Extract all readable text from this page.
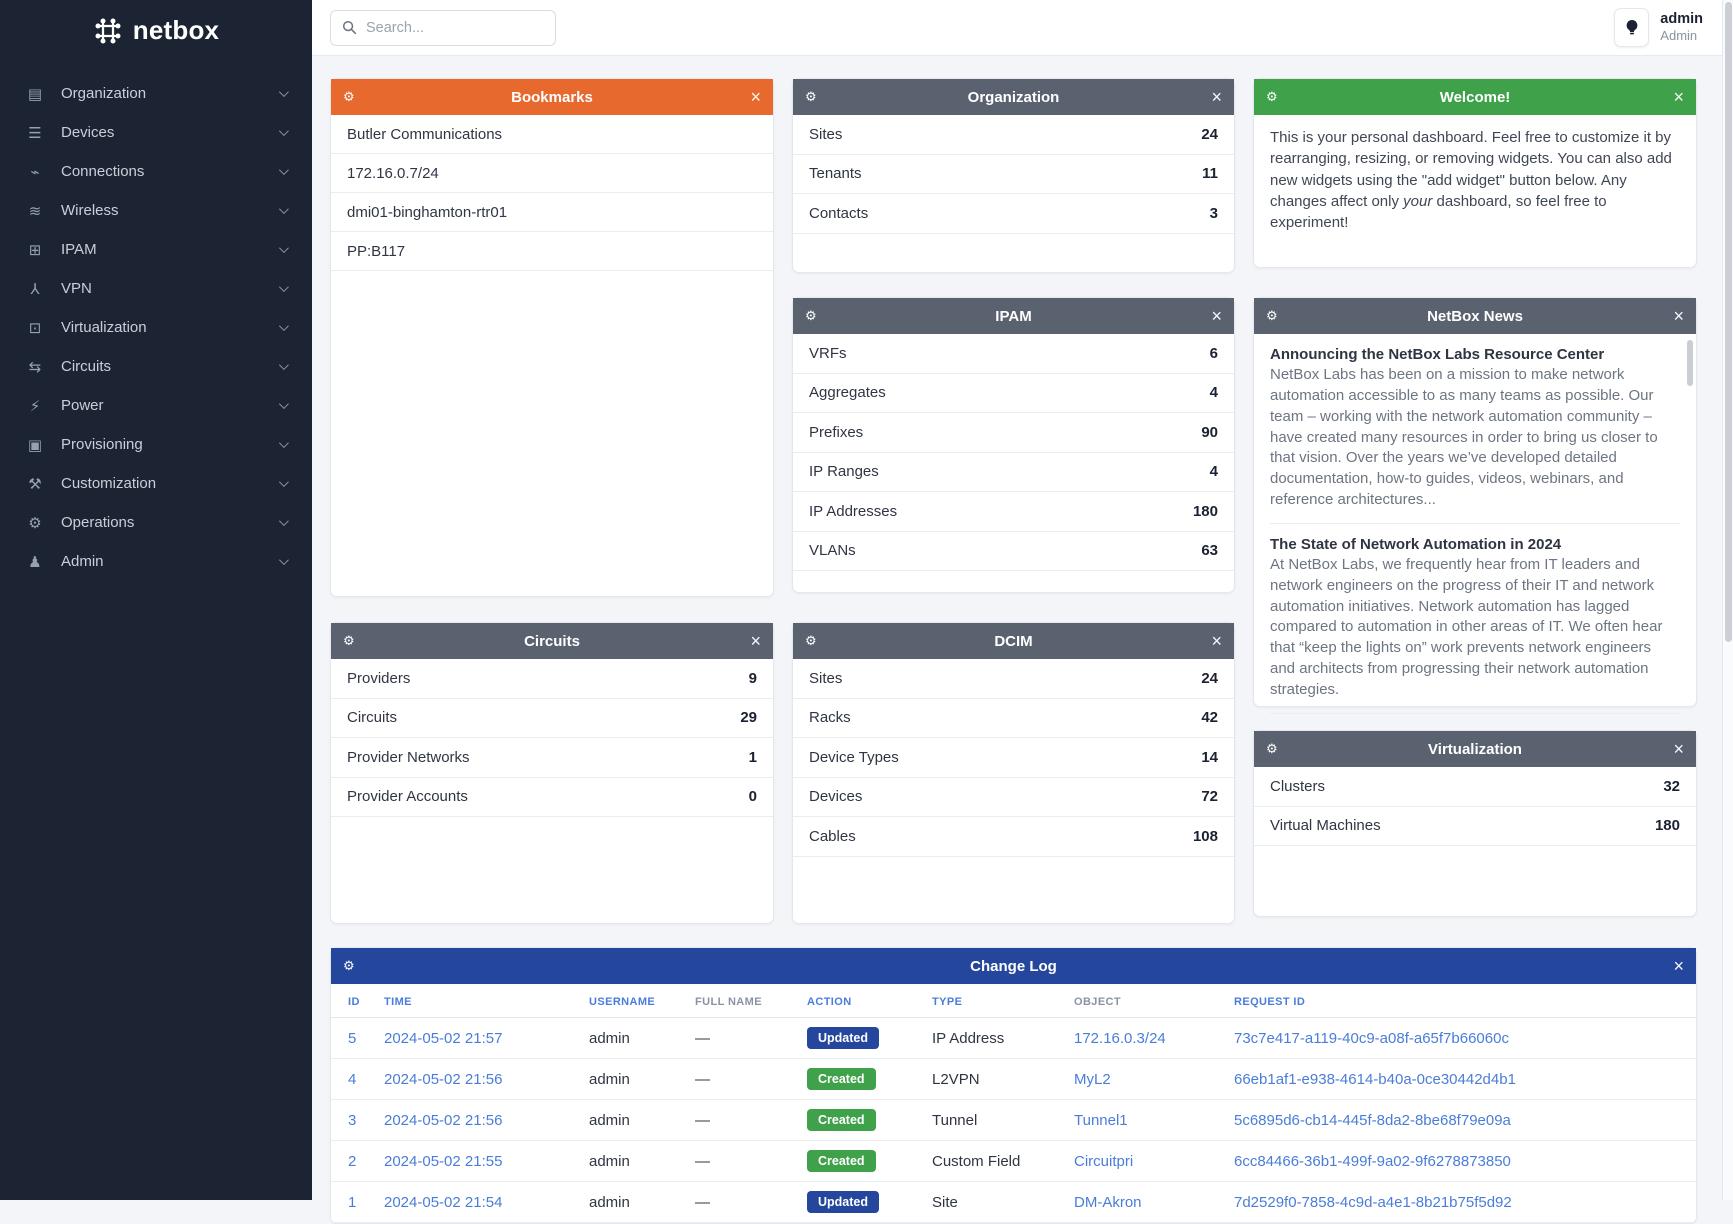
netbox
▤ Organization
☰ Devices
⌁	Connections
≋	Wireless
⊞	IPAM
⅄	VPN
⊡	Virtualization
⇆	Circuits
⚡	Power
▣ Provisioning
⚒ Customization
⚙ Operations
♟ Admin
Search...
admin
Admin
⚙	Bookmarks	×
Butler Communications
172.16.0.7/24
dmi01-binghamton-rtr01
PP:B117
⚙	Circuits	×
Providers	9
Circuits	29
Provider Networks	1
Provider Accounts	0
⚙	Organization	×
Sites	24
Tenants	11
Contacts	3
⚙	IPAM	×
VRFs	6
Aggregates	4
Prefixes	90
IP Ranges	4
IP Addresses	180
VLANs	63
⚙	DCIM	×
Sites	24
Racks	42
Device Types	14
Devices	72
Cables	108
⚙	Welcome!	×
This is your personal dashboard. Feel free to customize it by rearranging, resizing, or removing widgets. You can also add new widgets using the "add widget" button below. Any changes affect only your dashboard, so feel free to experiment!
⚙	NetBox News	×
Announcing the NetBox Labs Resource Center
NetBox Labs has been on a mission to make network automation accessible to as many teams as possible. Our team – working with the network automation community – have created many resources in order to bring us closer to that vision. Over the years we’ve developed detailed documentation, how-to guides, videos, webinars, and reference architectures...
The State of Network Automation in 2024
At NetBox Labs, we frequently hear from IT leaders and network engineers on the progress of their IT and network automation initiatives. Network automation has lagged compared to automation in other areas of IT. We often hear that “keep the lights on” work prevents network engineers and architects from progressing their network automation strategies.
⚙	Virtualization	×
Clusters	32
Virtual Machines	180
⚙	Change Log	×
ID	TIME	USERNAME	FULL NAME	ACTION	TYPE	OBJECT	REQUEST ID
5	2024-05-02 21:57	admin	—	Updated	IP Address	172.16.0.3/24	73c7e417-a119-40c9-a08f-a65f7b66060c
4	2024-05-02 21:56	admin	—	Created	L2VPN	MyL2	66eb1af1-e938-4614-b40a-0ce30442d4b1
3	2024-05-02 21:56	admin	—	Created	Tunnel	Tunnel1	5c6895d6-cb14-445f-8da2-8be68f79e09a
2	2024-05-02 21:55	admin	—	Created	Custom Field	Circuitpri	6cc84466-36b1-499f-9a02-9f6278873850
1	2024-05-02 21:54	admin	—	Updated	Site	DM-Akron	7d2529f0-7858-4c9d-a4e1-8b21b75f5d92
